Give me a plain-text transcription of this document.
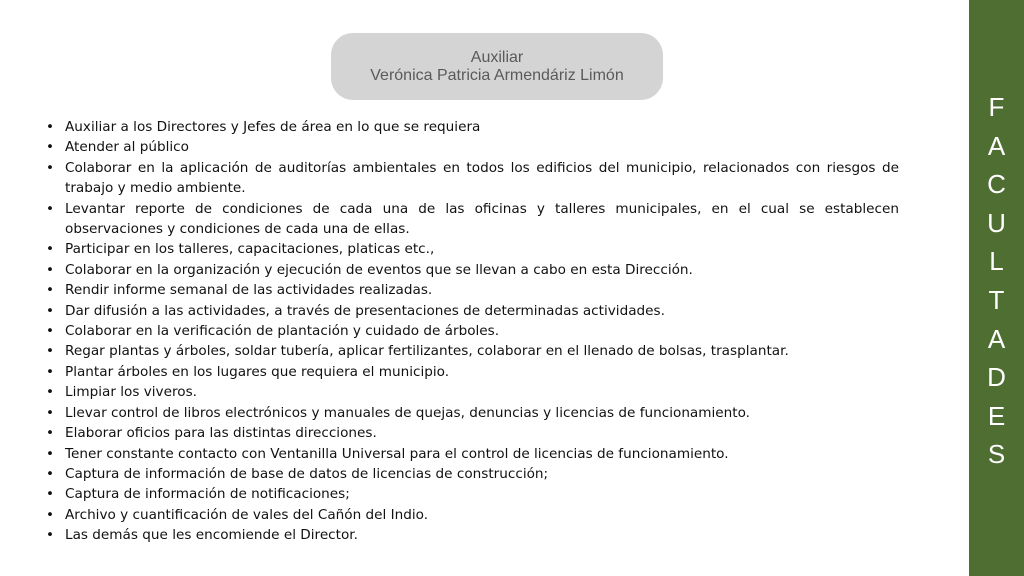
Auxiliar
Verónica Patricia Armendáriz Limón
• Auxiliar a los Directores y Jefes de área en lo que se requiera
• Atender al público
• Colaborar en la aplicación de auditorías ambientales en todos los edificios del municipio, relacionados con riesgos de trabajo y medio ambiente.
• Levantar reporte de condiciones de cada una de las oficinas y talleres municipales, en el cual se establecen observaciones y condiciones de cada una de ellas.
• Participar en los talleres, capacitaciones, platicas etc.,
• Colaborar en la organización y ejecución de eventos que se llevan a cabo en esta Dirección.
• Rendir informe semanal de las actividades realizadas.
• Dar difusión a las actividades, a través de presentaciones de determinadas actividades.
• Colaborar en la verificación de plantación y cuidado de árboles.
• Regar plantas y árboles, soldar tubería, aplicar fertilizantes, colaborar en el llenado de bolsas, trasplantar.
• Plantar árboles en los lugares que requiera el municipio.
• Limpiar los viveros.
• Llevar control de libros electrónicos y manuales de quejas, denuncias y licencias de funcionamiento.
• Elaborar oficios para las distintas direcciones.
• Tener constante contacto con Ventanilla Universal para el control de licencias de funcionamiento.
• Captura de información de base de datos de licencias de construcción;
• Captura de información de notificaciones;
• Archivo y cuantificación de vales del Cañón del Indio.
• Las demás que les encomiende el Director.
F
A
C
U
L
T
A
D
E
S
